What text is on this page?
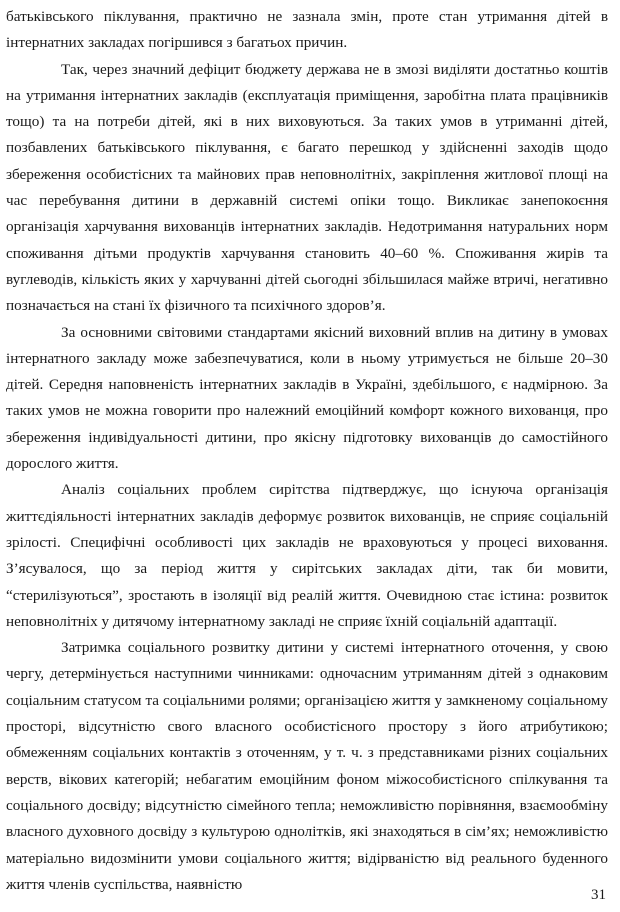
батьківського піклування, практично не зазнала змін, проте стан утримання дітей в інтернатних закладах погіршився з багатьох причин.

Так, через значний дефіцит бюджету держава не в змозі виділяти достатньо коштів на утримання інтернатних закладів (експлуатація приміщення, заробітна плата працівників тощо) та на потреби дітей, які в них виховуються. За таких умов в утриманні дітей, позбавлених батьківського піклування, є багато перешкод у здійсненні заходів щодо збереження особистісних та майнових прав неповнолітніх, закріплення житлової площі на час перебування дитини в державній системі опіки тощо. Викликає занепокоєння організація харчування вихованців інтернатних закладів. Недотримання натуральних норм споживання дітьми продуктів харчування становить 40–60 %. Споживання жирів та вуглеводів, кількість яких у харчуванні дітей сьогодні збільшилася майже втричі, негативно позначається на стані їх фізичного та психічного здоров’я.

За основними світовими стандартами якісний виховний вплив на дитину в умовах інтернатного закладу може забезпечуватися, коли в ньому утримується не більше 20–30 дітей. Середня наповненість інтернатних закладів в Україні, здебільшого, є надмірною. За таких умов не можна говорити про належний емоційний комфорт кожного вихованця, про збереження індивідуальності дитини, про якісну підготовку вихованців до самостійного дорослого життя.

Аналіз соціальних проблем сирітства підтверджує, що існуюча організація життєдіяльності інтернатних закладів деформує розвиток вихованців, не сприяє соціальній зрілості. Специфічні особливості цих закладів не враховуються у процесі виховання. З’ясувалося, що за період життя у сирітських закладах діти, так би мовити, “стерилізуються”, зростають в ізоляції від реалій життя. Очевидною стає істина: розвиток неповнолітніх у дитячому інтернатному закладі не сприяє їхній соціальній адаптації.

Затримка соціального розвитку дитини у системі інтернатного оточення, у свою чергу, детермінується наступними чинниками: одночасним утриманням дітей з однаковим соціальним статусом та соціальними ролями; організацією життя у замкненому соціальному просторі, відсутністю свого власного особистісного простору з його атрибутикою; обмеженням соціальних контактів з оточенням, у т. ч. з представниками різних соціальних верств, вікових категорій; небагатим емоційним фоном міжособистісного спілкування та соціального досвіду; відсутністю сімейного тепла; неможливістю порівняння, взаємообміну власного духовного досвіду з культурою однолітків, які знаходяться в сім’ях; неможливістю матеріально видозмінити умови соціального життя; відірваністю від реального буденного життя членів суспільства, наявністю

31
